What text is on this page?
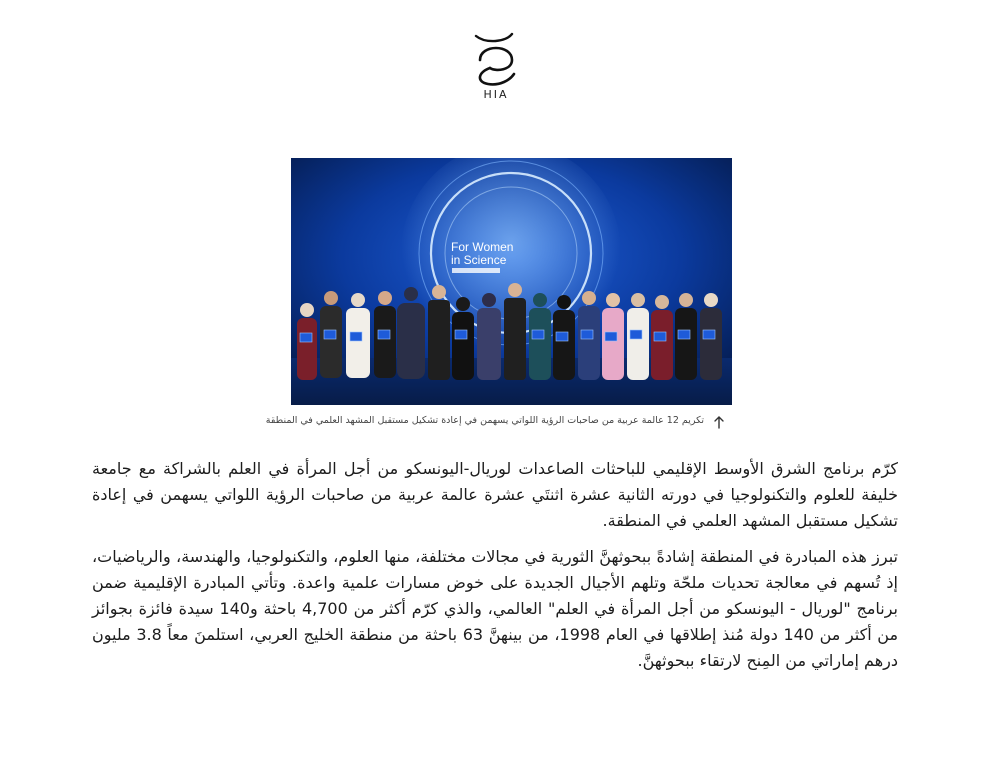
HIA
For Women
in Science
تكريم 12 عالمة عربية من صاحبات الرؤية اللواتي يسهمن في إعادة تشكيل مستقبل المشهد العلمي في المنطقة

كرّم برنامج الشرق الأوسط الإقليمي للباحثات الصاعدات لوريال-اليونسكو من أجل المرأة في العلم بالشراكة مع جامعة خليفة للعلوم والتكنولوجيا في دورته الثانية عشرة اثنتَي عشرة عالمة عربية من صاحبات الرؤية اللواتي يسهمن في إعادة تشكيل مستقبل المشهد العلمي في المنطقة.

تبرز هذه المبادرة في المنطقة إشادةً ببحوثهنَّ الثورية في مجالات مختلفة، منها العلوم، والتكنولوجيا، والهندسة، والرياضيات، إذ تُسهم في معالجة تحديات ملحّة وتلهم الأجيال الجديدة على خوض مسارات علمية واعدة. وتأتي المبادرة الإقليمية ضمن برنامج "لوريال - اليونسكو من أجل المرأة في العلم" العالمي، والذي كرّم أكثر من 4,700 باحثة و140 سيدة فائزة بجوائز من أكثر من 140 دولة مُنذ إطلاقها في العام 1998، من بينهنَّ 63 باحثة من منطقة الخليج العربي، استلمنَ معاً 3.8 مليون درهم إماراتي من المِنح لارتقاء ببحوثهنَّ.
